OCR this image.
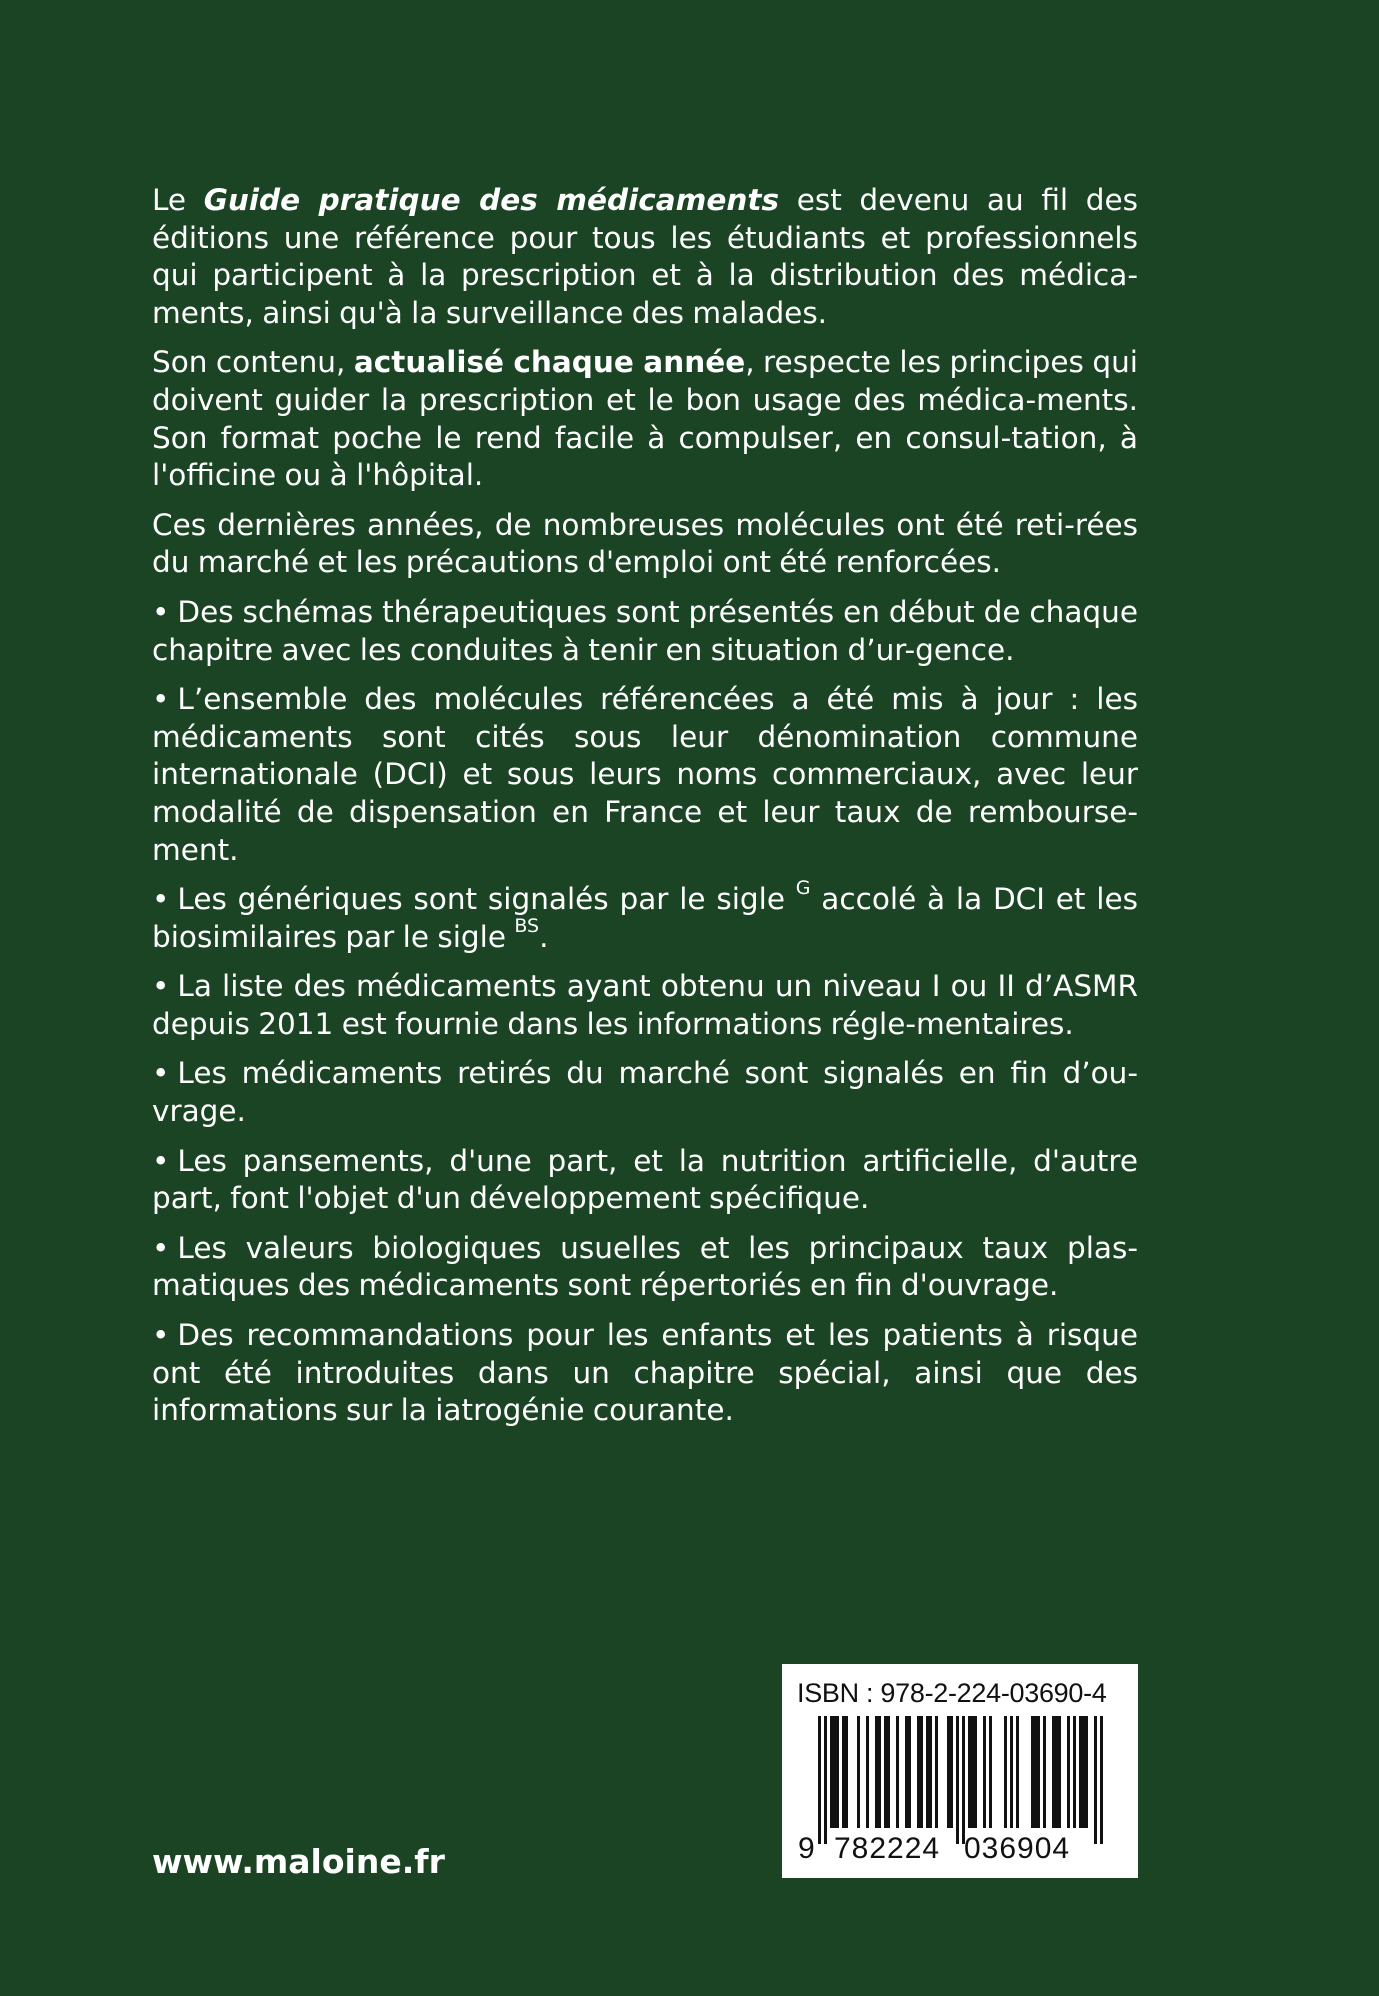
Le Guide pratique des médicaments est devenu au fil des éditions une référence pour tous les étudiants et professionnels qui participent à la prescription et à la distribution des médica-ments, ainsi qu'à la surveillance des malades.

Son contenu, actualisé chaque année, respecte les principes qui doivent guider la prescription et le bon usage des médica-ments. Son format poche le rend facile à compulser, en consul-tation, à l'officine ou à l'hôpital.

Ces dernières années, de nombreuses molécules ont été reti-rées du marché et les précautions d'emploi ont été renforcées.

• Des schémas thérapeutiques sont présentés en début de chaque chapitre avec les conduites à tenir en situation d’ur-gence.

• L’ensemble des molécules référencées a été mis à jour : les médicaments sont cités sous leur dénomination commune internationale (DCI) et sous leurs noms commerciaux, avec leur modalité de dispensation en France et leur taux de rembourse-ment.

• Les génériques sont signalés par le sigle $^G$ accolé à la DCI et les biosimilaires par le sigle $^{BS}$.

• La liste des médicaments ayant obtenu un niveau I ou II d’ASMR depuis 2011 est fournie dans les informations régle-mentaires.

• Les médicaments retirés du marché sont signalés en fin d’ou-vrage.

• Les pansements, d'une part, et la nutrition artificielle, d'autre part, font l'objet d'un développement spécifique.

• Les valeurs biologiques usuelles et les principaux taux plas-matiques des médicaments sont répertoriés en fin d'ouvrage.

• Des recommandations pour les enfants et les patients à risque ont été introduites dans un chapitre spécial, ainsi que des informations sur la iatrogénie courante.

www.maloine.fr
ISBN : 978-2-224-03690-4
9 782224 036904
